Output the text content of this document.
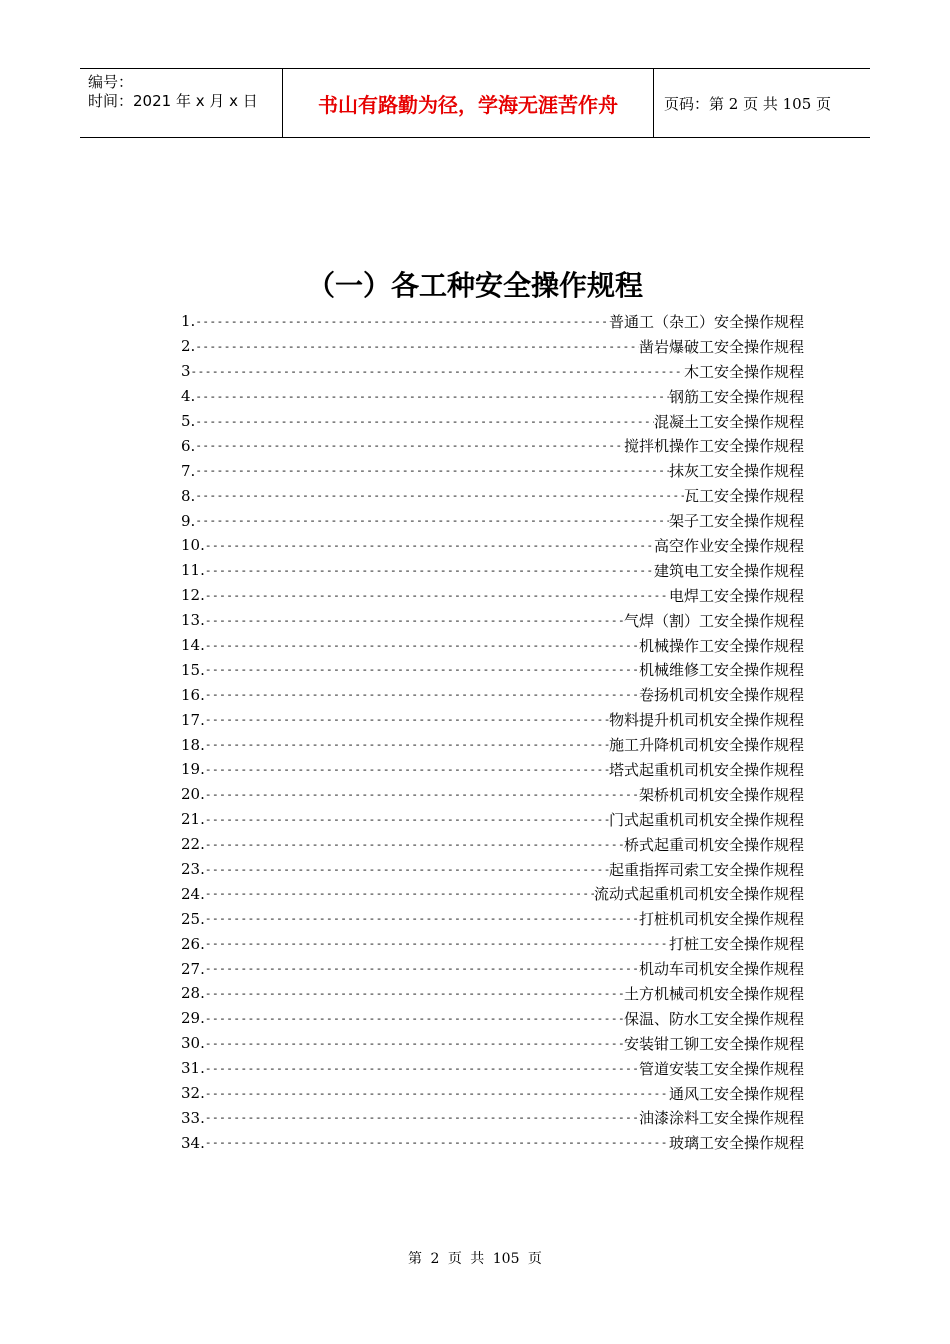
编号：
时间：2021 年 x 月 x 日	书山有路勤为径，学海无涯苦作舟	页码：第 2 页 共 105 页
（一）各工种安全操作规程
1. -----	普通工（杂工）安全操作规程
2. -----	凿岩爆破工安全操作规程
3 -----	木工安全操作规程
4. -----	钢筋工安全操作规程
5. -----	混凝土工安全操作规程
6. -----	搅拌机操作工安全操作规程
7. -----	抹灰工安全操作规程
8. -----	瓦工安全操作规程
9. -----	架子工安全操作规程
10. -----	高空作业安全操作规程
11. -----	建筑电工安全操作规程
12. -----	电焊工安全操作规程
13. -----	气焊（割）工安全操作规程
14. -----	机械操作工安全操作规程
15. -----	机械维修工安全操作规程
16. -----	卷扬机司机安全操作规程
17. -----	物料提升机司机安全操作规程
18. -----	施工升降机司机安全操作规程
19. -----	塔式起重机司机安全操作规程
20. -----	架桥机司机安全操作规程
21. -----	门式起重机司机安全操作规程
22. -----	桥式起重司机安全操作规程
23. -----	起重指挥司索工安全操作规程
24. -----	流动式起重机司机安全操作规程
25. -----	打桩机司机安全操作规程
26. -----	打桩工安全操作规程
27. -----	机动车司机安全操作规程
28. -----	土方机械司机安全操作规程
29. -----	保温、防水工安全操作规程
30. -----	安装钳工铆工安全操作规程
31. -----	管道安装工安全操作规程
32. -----	通风工安全操作规程
33. -----	油漆涂料工安全操作规程
34. -----	玻璃工安全操作规程
第 2 页 共 105 页
